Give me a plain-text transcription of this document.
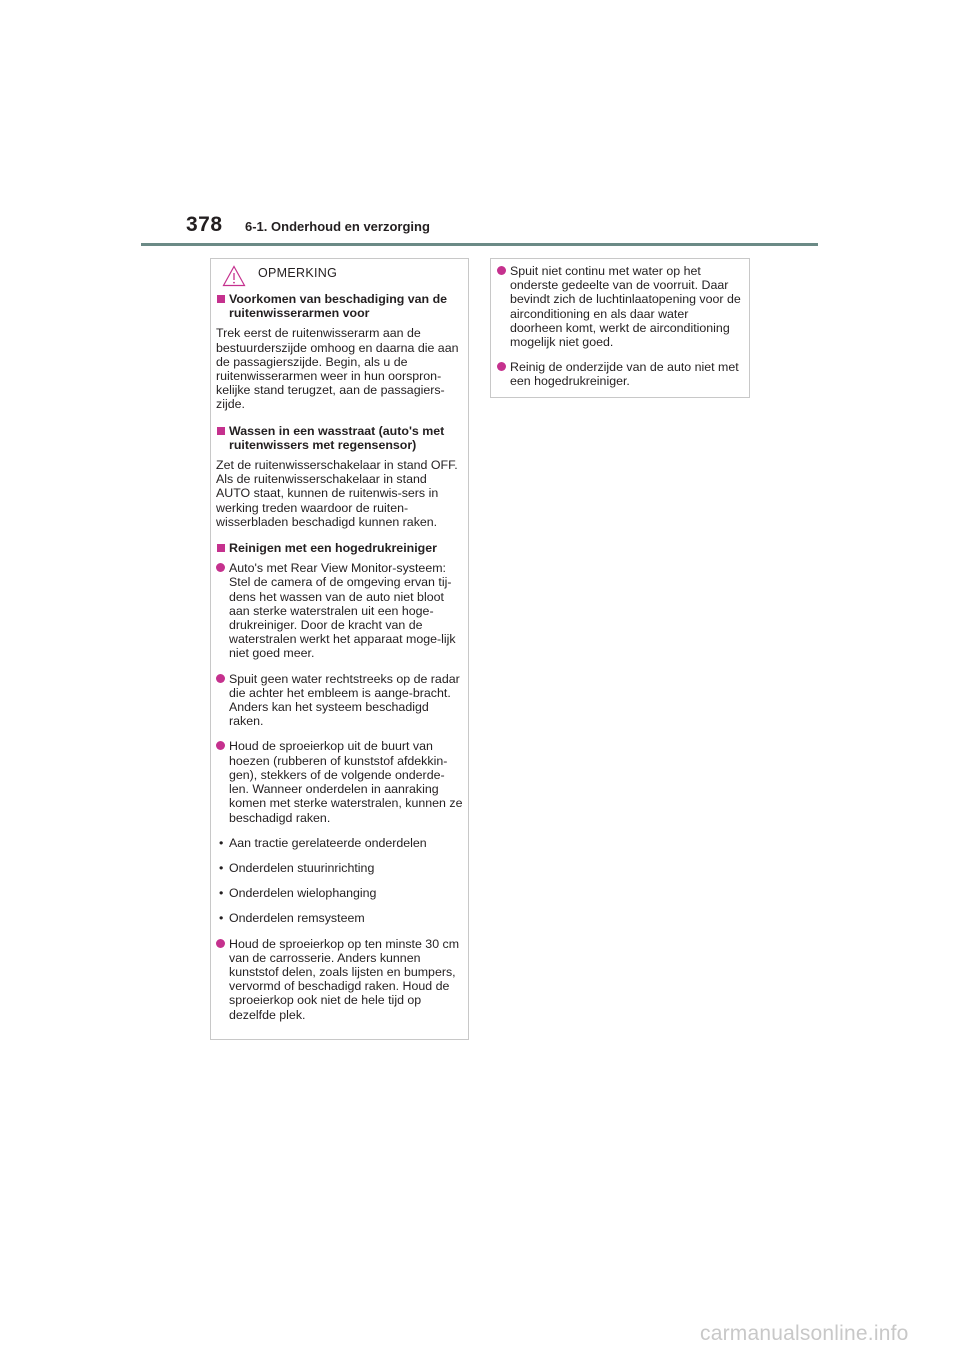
378 6-1. Onderhoud en verzorging
OPMERKING
Voorkomen van beschadiging van de ruitenwisserarmen voor

Trek eerst de ruitenwisserarm aan de bestuurderszijde omhoog en daarna die aan de passagierszijde. Begin, als u de ruitenwisserarmen weer in hun oorspron-kelijke stand terugzet, aan de passagiers-zijde.

Wassen in een wasstraat (auto's met ruitenwissers met regensensor)

Zet de ruitenwisserschakelaar in stand OFF. Als de ruitenwisserschakelaar in stand AUTO staat, kunnen de ruitenwis-sers in werking treden waardoor de ruiten-wisserbladen beschadigd kunnen raken.

Reinigen met een hogedrukreiniger
Auto's met Rear View Monitor-systeem: Stel de camera of de omgeving ervan tij-dens het wassen van de auto niet bloot aan sterke waterstralen uit een hoge-drukreiniger. Door de kracht van de waterstralen werkt het apparaat moge-lijk niet goed meer.
Spuit geen water rechtstreeks op de radar die achter het embleem is aange-bracht. Anders kan het systeem beschadigd raken.
Houd de sproeierkop uit de buurt van hoezen (rubberen of kunststof afdekkin-gen), stekkers of de volgende onderde-len. Wanneer onderdelen in aanraking komen met sterke waterstralen, kunnen ze beschadigd raken.
• Aan tractie gerelateerde onderdelen
• Onderdelen stuurinrichting
• Onderdelen wielophanging
• Onderdelen remsysteem
Houd de sproeierkop op ten minste 30 cm van de carrosserie. Anders kunnen kunststof delen, zoals lijsten en bumpers, vervormd of beschadigd raken. Houd de sproeierkop ook niet de hele tijd op dezelfde plek.
Spuit niet continu met water op het onderste gedeelte van de voorruit. Daar bevindt zich de luchtinlaatopening voor de airconditioning en als daar water doorheen komt, werkt de airconditioning mogelijk niet goed.
Reinig de onderzijde van de auto niet met een hogedrukreiniger.
carmanualsonline.info
